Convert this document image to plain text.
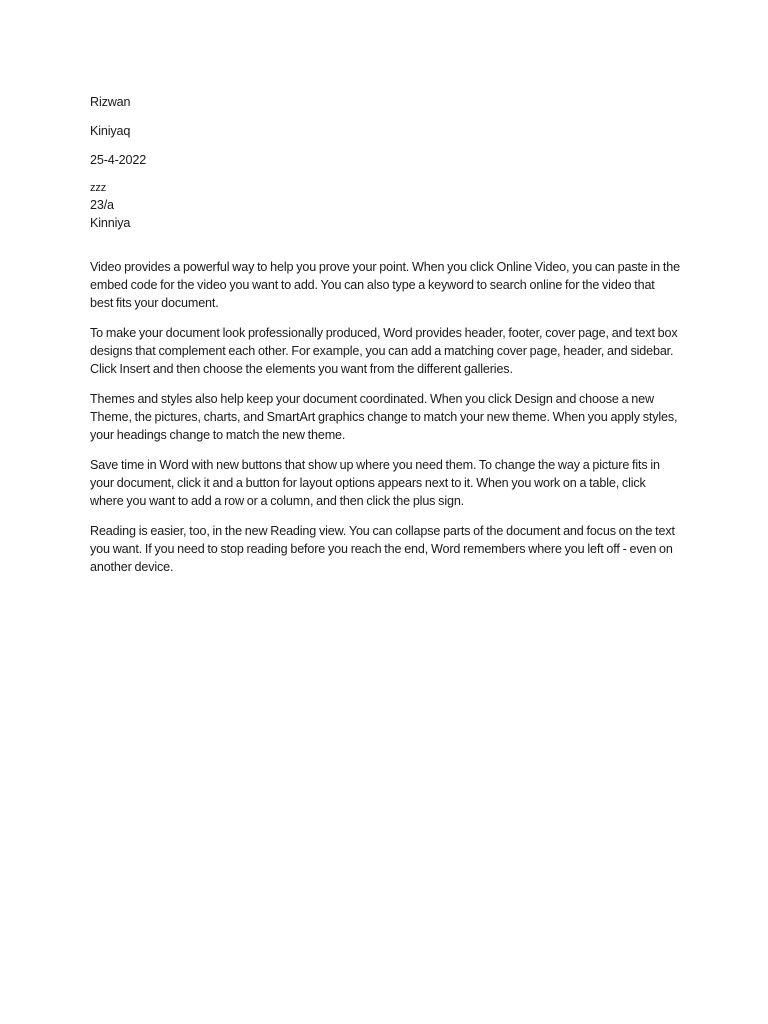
Rizwan

Kiniyaq

25-4-2022

zzz

23/a

Kinniya

Video provides a powerful way to help you prove your point. When you click Online Video, you can paste in the embed code for the video you want to add. You can also type a keyword to search online for the video that best fits your document.

To make your document look professionally produced, Word provides header, footer, cover page, and text box designs that complement each other. For example, you can add a matching cover page, header, and sidebar. Click Insert and then choose the elements you want from the different galleries.

Themes and styles also help keep your document coordinated. When you click Design and choose a new Theme, the pictures, charts, and SmartArt graphics change to match your new theme. When you apply styles, your headings change to match the new theme.

Save time in Word with new buttons that show up where you need them. To change the way a picture fits in your document, click it and a button for layout options appears next to it. When you work on a table, click where you want to add a row or a column, and then click the plus sign.

Reading is easier, too, in the new Reading view. You can collapse parts of the document and focus on the text you want. If you need to stop reading before you reach the end, Word remembers where you left off - even on another device.
